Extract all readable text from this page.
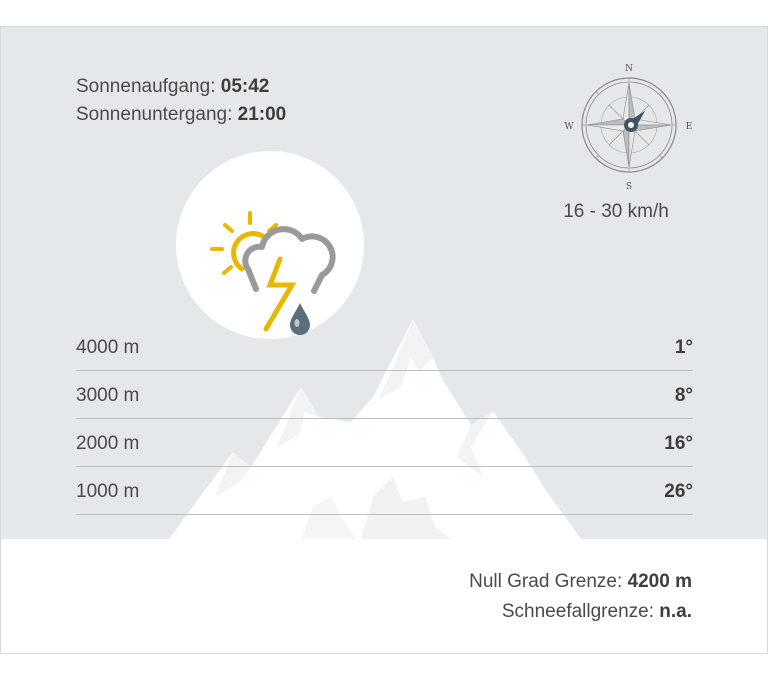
Sonnenaufgang: 05:42
Sonnenuntergang: 21:00
N
S
W	E
16 - 30 km/h
4000 m	1°
3000 m	8°
2000 m	16°
1000 m	26°
Null Grad Grenze: 4200 m
Schneefallgrenze: n.a.
